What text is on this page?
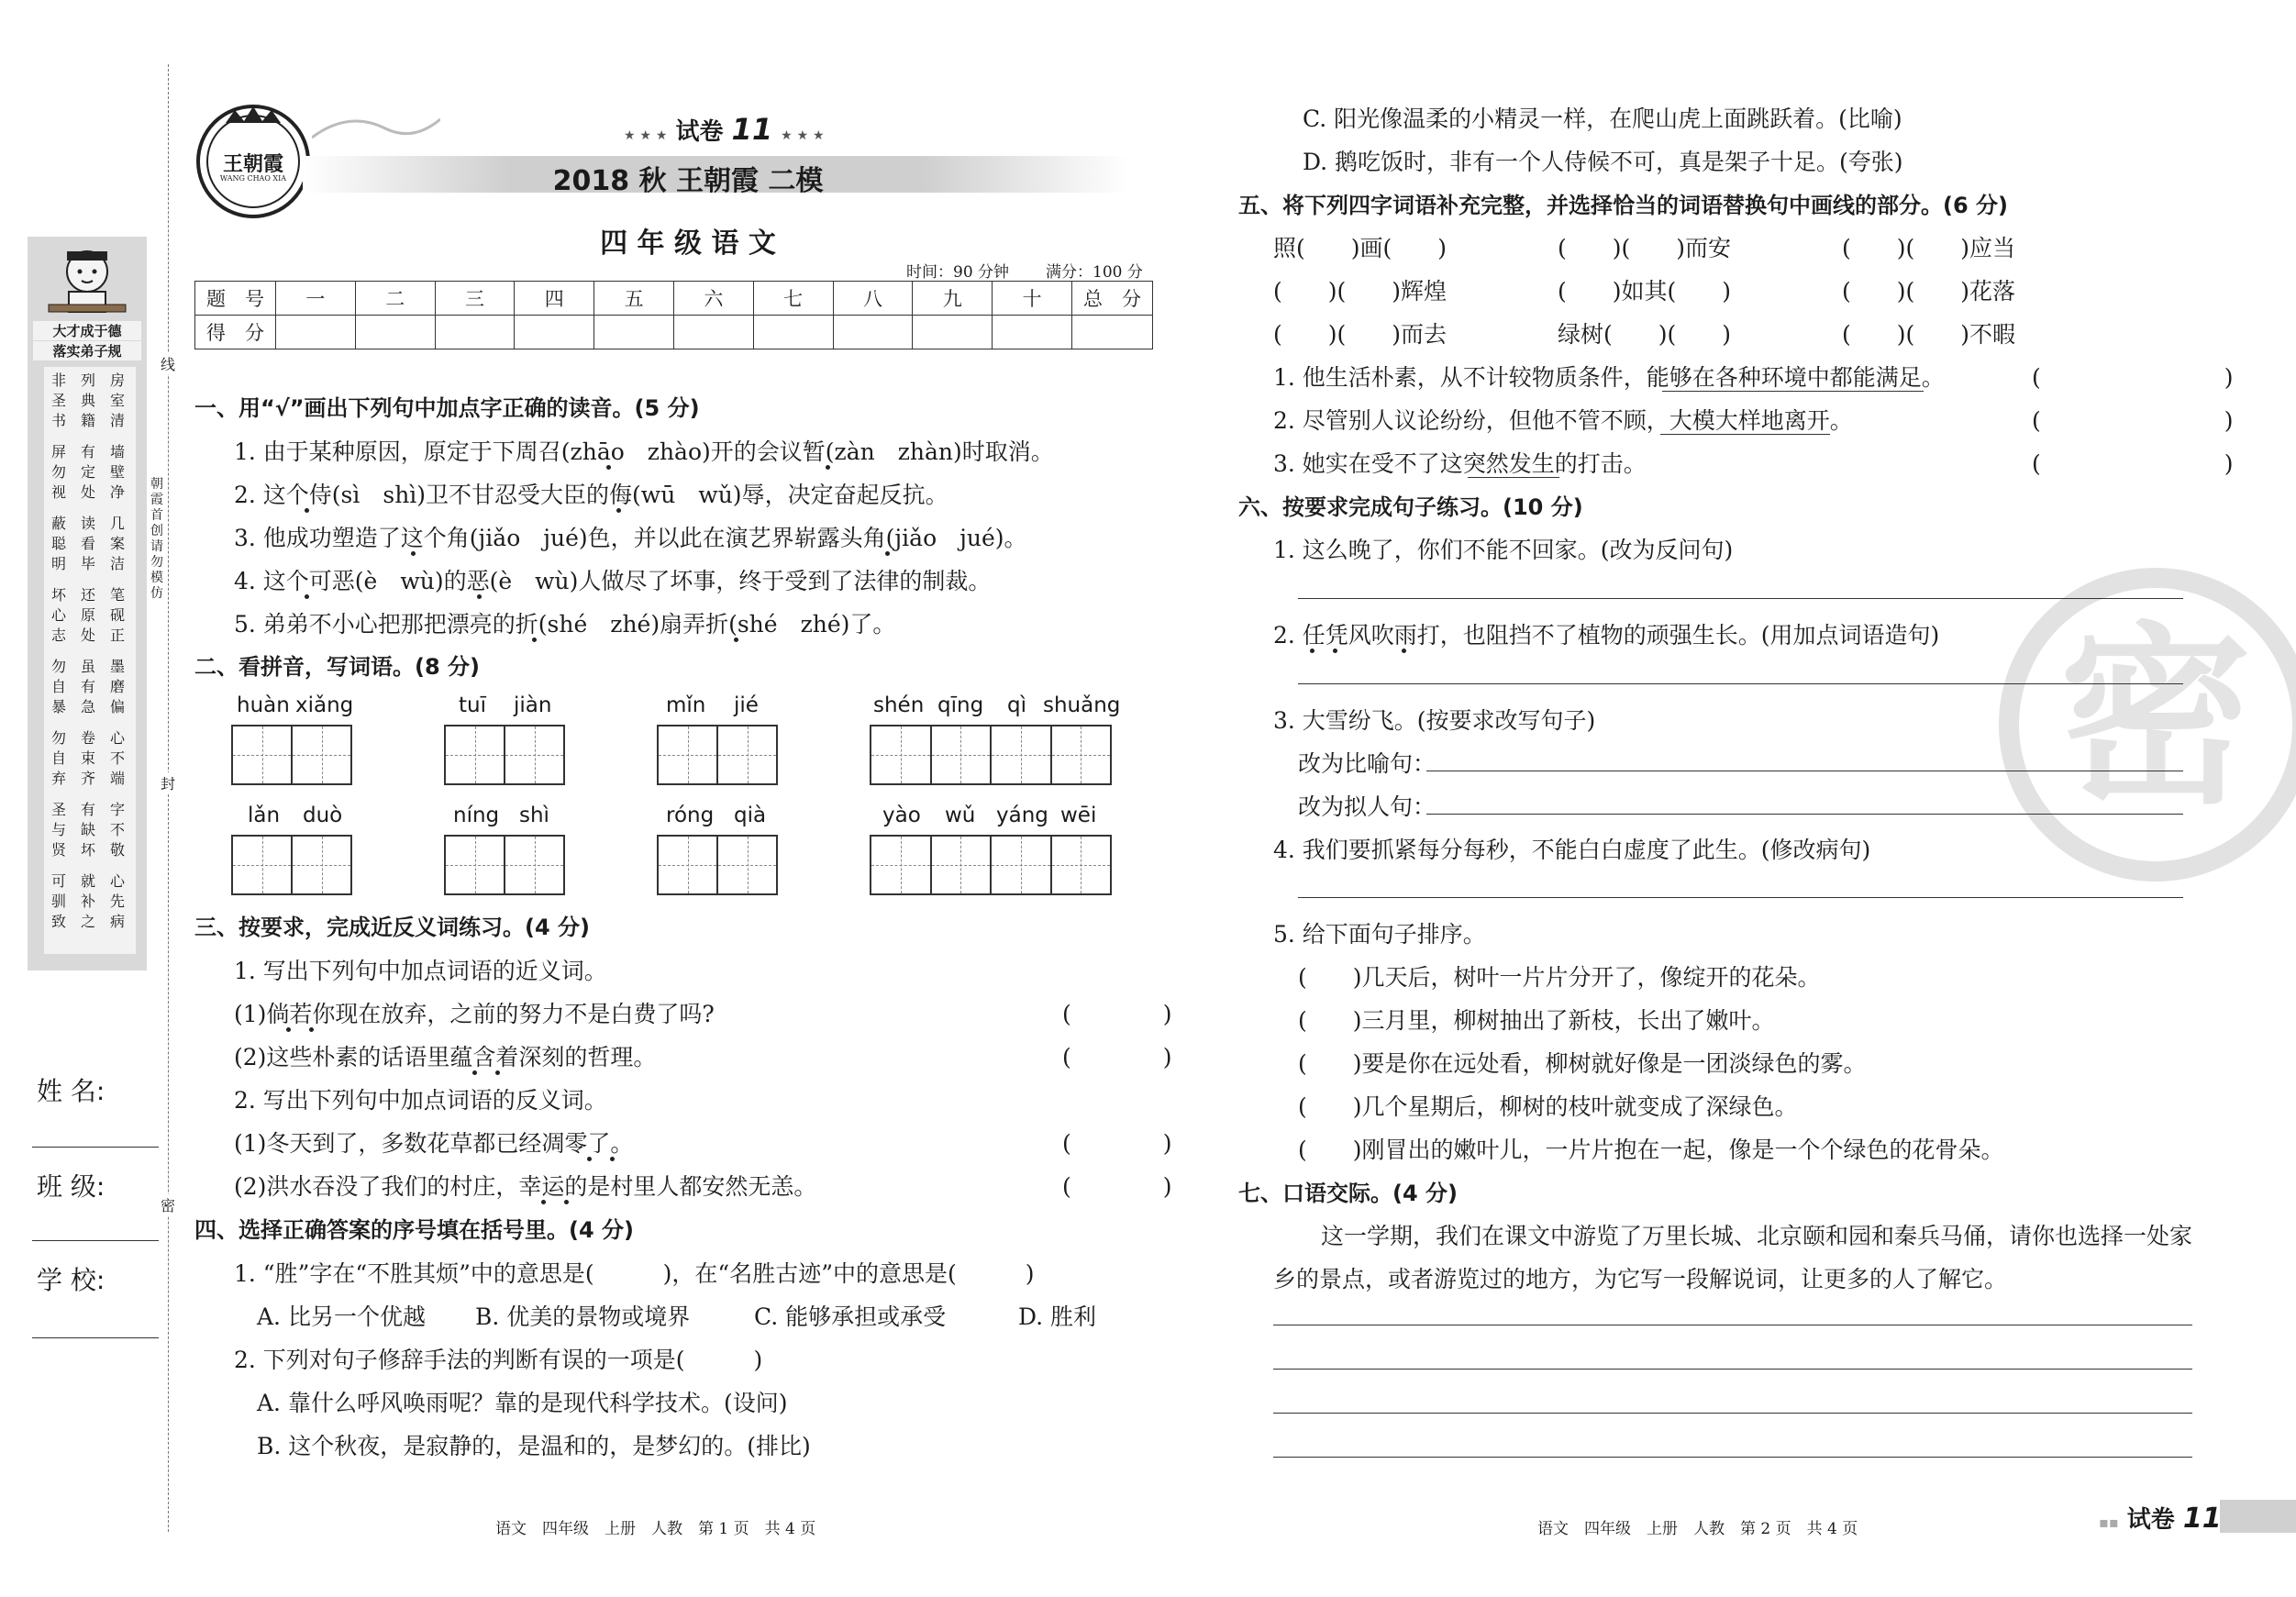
大才成于德
落实弟子规
非圣书
列典籍
房室清
屏勿视
有定处
墙壁净
蔽聪明
读看毕
几案洁
坏心志
还原处
笔砚正
勿自暴
虽有急
墨磨偏
勿自弃
卷束齐
心不端
圣与贤
有缺坏
字不敬
可驯致
就补之
心先病
线
封
密
朝霞首创 请勿模仿
姓 名:
班 级:
学 校:
王朝霞
WANG CHAO XIA
★ ★ ★ 试卷 11 ★ ★ ★
2018 秋 王朝霞 二模
四 年 级 语 文
时间：90 分钟 满分：100 分
题　号	一	二	三	四	五	六	七	八	九	十	总　分
得　分											
一、用“√”画出下列句中加点字正确的读音。(5 分)
1. 由于某种原因，原定于下周召(zhāo　zhào)开的会议暂(zàn　zhàn)时取消。
2. 这个侍(sì　shì)卫不甘忍受大臣的侮(wū　wǔ)辱，决定奋起反抗。
3. 他成功塑造了这个角(jiǎo　jué)色，并以此在演艺界崭露头角(jiǎo　jué)。
4. 这个可恶(è　wù)的恶(è　wù)人做尽了坏事，终于受到了法律的制裁。
5. 弟弟不小心把那把漂亮的折(shé　zhé)扇弄折(shé　zhé)了。
二、看拼音，写词语。(8 分)
huàn xiǎng	tuī jiàn	mǐn jié	shén qīng qì shuǎng
lǎn duò	níng shì	róng qià	yào wǔ yáng wēi
三、按要求，完成近反义词练习。(4 分)
1. 写出下列句中加点词语的近义词。
(1)倘若你现在放弃，之前的努力不是白费了吗?	(　　　　)
(2)这些朴素的话语里蕴含着深刻的哲理。	(　　　　)
2. 写出下列句中加点词语的反义词。
(1)冬天到了，多数花草都已经凋零了。	(　　　　)
(2)洪水吞没了我们的村庄，幸运的是村里人都安然无恙。	(　　　　)
四、选择正确答案的序号填在括号里。(4 分)
1. “胜”字在“不胜其烦”中的意思是(　　　)，在“名胜古迹”中的意思是(　　　)
A. 比另一个优越 B. 优美的景物或境界	C. 能够承担或承受	D. 胜利
2. 下列对句子修辞手法的判断有误的一项是(　　　)
A. 靠什么呼风唤雨呢？靠的是现代科学技术。(设问)
B. 这个秋夜，是寂静的，是温和的，是梦幻的。(排比)
语文　四年级　上册　人教　第 1 页　共 4 页
密
C. 阳光像温柔的小精灵一样，在爬山虎上面跳跃着。(比喻)
D. 鹅吃饭时，非有一个人侍候不可，真是架子十足。(夸张)
五、将下列四字词语补充完整，并选择恰当的词语替换句中画线的部分。(6 分)
照(　　)画(　　)	(　　)(　　)而安	(　　)(　　)应当
(　　)(　　)辉煌	(　　)如其(　　)	(　　)(　　)花落
(　　)(　　)而去	绿树(　　)(　　)	(　　)(　　)不暇
1. 他生活朴素，从不计较物质条件，能够在各种环境中都能满足。	(　　　　　　　　)
2. 尽管别人议论纷纷，但他不管不顾，大模大样地离开。	(　　　　　　　　)
3. 她实在受不了这突然发生的打击。	(　　　　　　　　)
六、按要求完成句子练习。(10 分)
1. 这么晚了，你们不能不回家。(改为反问句)
2. 任凭风吹雨打，也阻挡不了植物的顽强生长。(用加点词语造句)
3. 大雪纷飞。(按要求改写句子)
改为比喻句：
改为拟人句：
4. 我们要抓紧每分每秒，不能白白虚度了此生。(修改病句)
5. 给下面句子排序。
(　　)几天后，树叶一片片分开了，像绽开的花朵。
(　　)三月里，柳树抽出了新枝，长出了嫩叶。
(　　)要是你在远处看，柳树就好像是一团淡绿色的雾。
(　　)几个星期后，柳树的枝叶就变成了深绿色。
(　　)刚冒出的嫩叶儿，一片片抱在一起，像是一个个绿色的花骨朵。
七、口语交际。(4 分)
这一学期，我们在课文中游览了万里长城、北京颐和园和秦兵马俑，请你也选择一处家
乡的景点，或者游览过的地方，为它写一段解说词，让更多的人了解它。
语文　四年级　上册　人教　第 2 页　共 4 页	▪▪ 试卷 11
